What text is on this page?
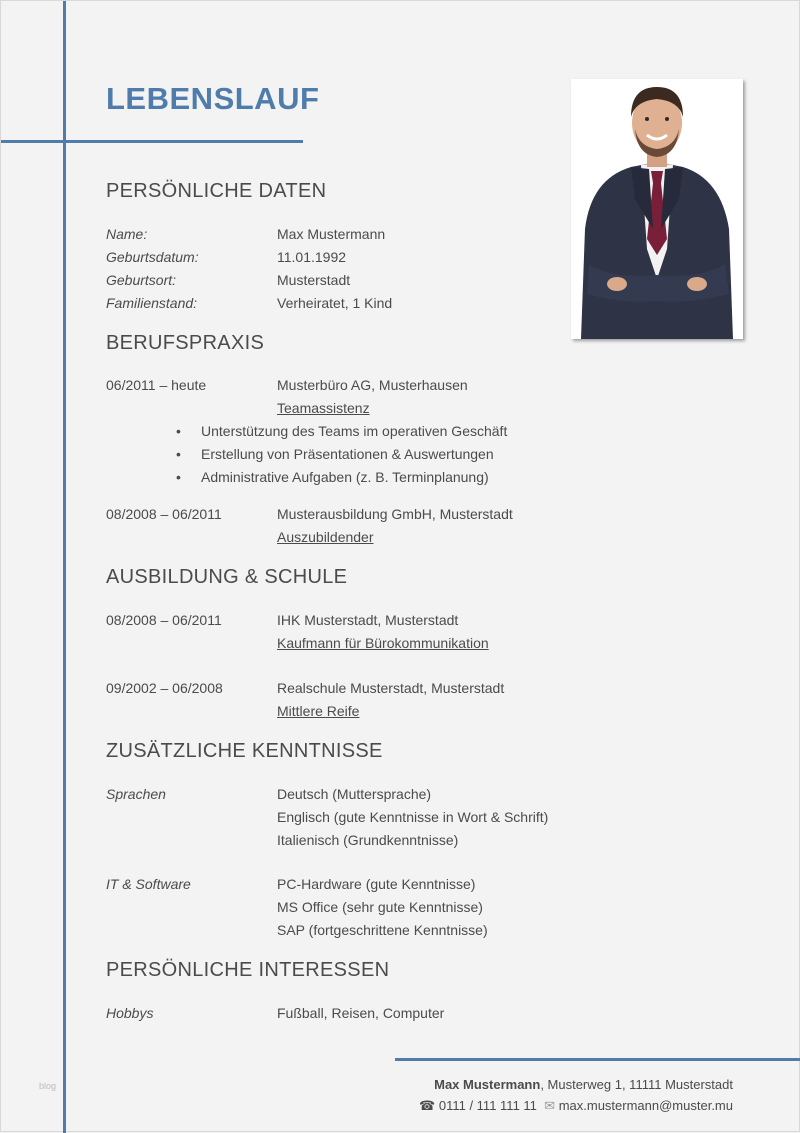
LEBENSLAUF
PERSÖNLICHE DATEN
Name:	Max Mustermann
Geburtsdatum:	11.01.1992
Geburtsort:	Musterstadt
Familienstand:	Verheiratet, 1 Kind
BERUFSPRAXIS
06/2011 – heute	Musterbüro AG, Musterhausen
Teamassistenz
• Unterstützung des Teams im operativen Geschäft
• Erstellung von Präsentationen & Auswertungen
• Administrative Aufgaben (z. B. Terminplanung)
08/2008 – 06/2011	Musterausbildung GmbH, Musterstadt
Auszubildender
AUSBILDUNG & SCHULE
08/2008 – 06/2011	IHK Musterstadt, Musterstadt
Kaufmann für Bürokommunikation
09/2002 – 06/2008	Realschule Musterstadt, Musterstadt
Mittlere Reife
ZUSÄTZLICHE KENNTNISSE
Sprachen	Deutsch (Muttersprache)
Englisch (gute Kenntnisse in Wort & Schrift)
Italienisch (Grundkenntnisse)
IT & Software	PC-Hardware (gute Kenntnisse)
MS Office (sehr gute Kenntnisse)
SAP (fortgeschrittene Kenntnisse)
PERSÖNLICHE INTERESSEN
Hobbys	Fußball, Reisen, Computer
Max Mustermann, Musterweg 1, 11111 Musterstadt
☎ 0111 / 111 111 11 ✉ max.mustermann@muster.mu
blog
